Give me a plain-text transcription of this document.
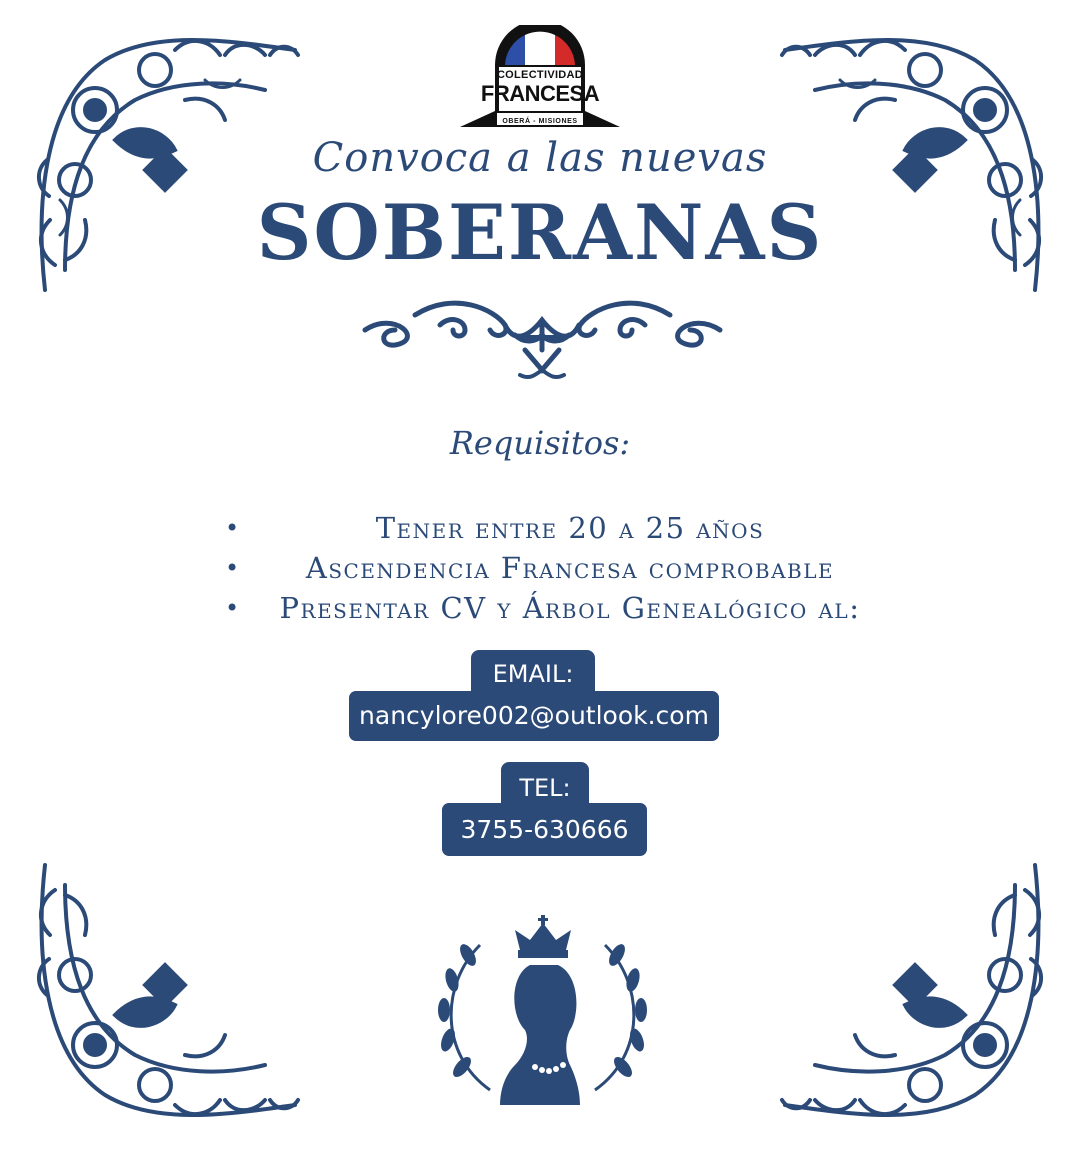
COLECTIVIDAD
FRANCESA
OBERÁ - MISIONES
Convoca a las nuevas
SOBERANAS
Requisitos:
•	Tener entre 20 a 25 años
• Ascendencia Francesa comprobable
• Presentar CV y Árbol Genealógico al:
EMAIL:
nancylore002@outlook.com
TEL:
3755-630666
